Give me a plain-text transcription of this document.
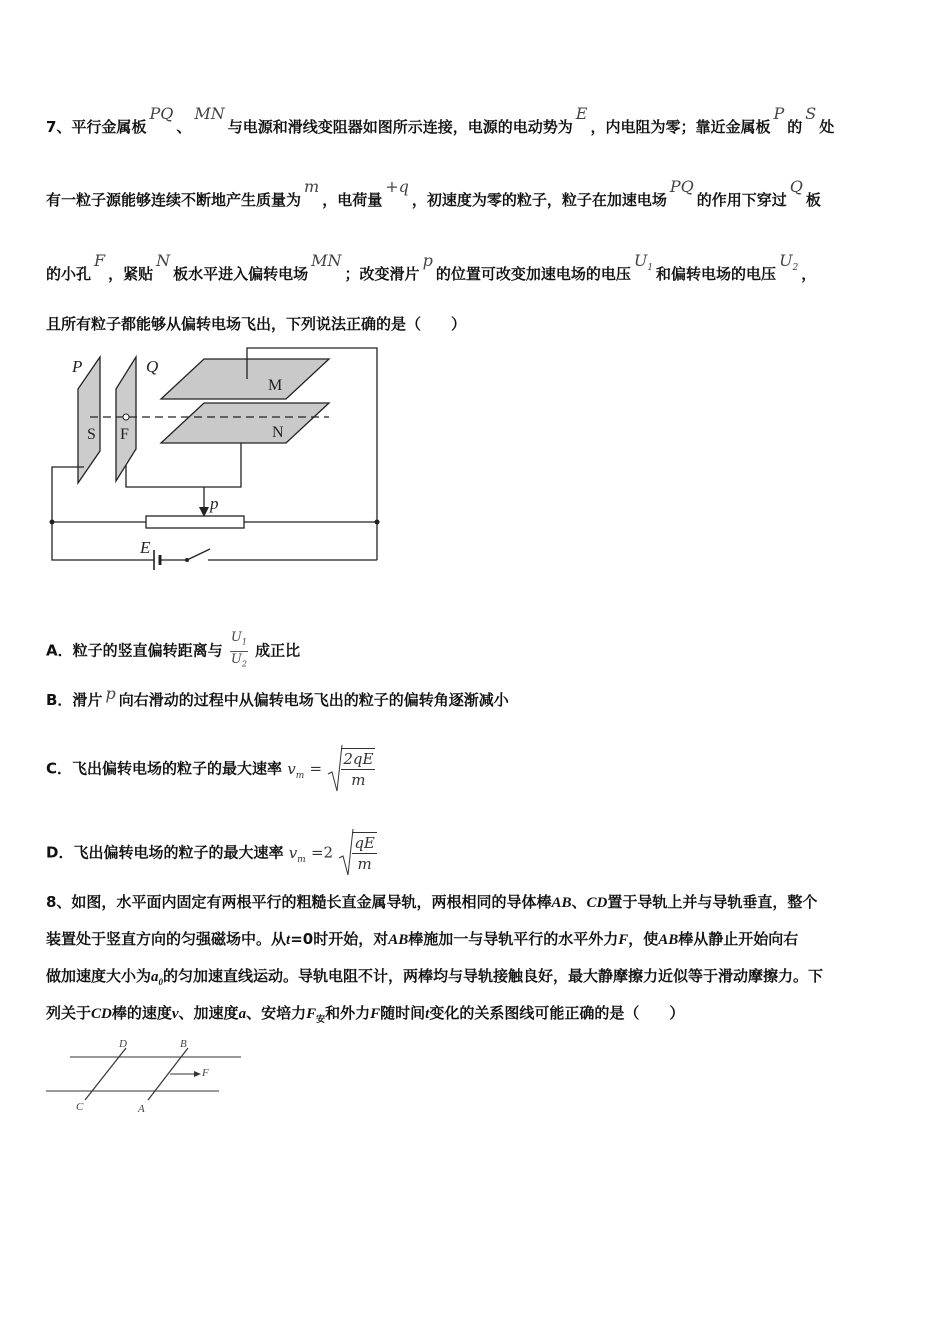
7、平行金属板PQ、MN与电源和滑线变阻器如图所示连接，电源的电动势为E，内电阻为零；靠近金属板P的S处
有一粒子源能够连续不断地产生质量为m，电荷量+q，初速度为零的粒子，粒子在加速电场PQ的作用下穿过Q板
的小孔F，紧贴N板水平进入偏转电场MN；改变滑片p的位置可改变加速电场的电压$U_1$ 和偏转电场的电压$U_2$ ，
且所有粒子都能够从偏转电场飞出，下列说法正确的是（　　）
P	Q
M
N
S F
p
E
A．粒子的竖直偏转距离与 $\frac{U_1}{U_2}$ 成正比
B．滑片 p 向右滑动的过程中从偏转电场飞出的粒子的偏转角逐渐减小
C．飞出偏转电场的粒子的最大速率 $v_m = \frac{2qE}{m}$
D．飞出偏转电场的粒子的最大速率 $v_m =2 \frac{qE}{m}$
8、如图，水平面内固定有两根平行的粗糙长直金属导轨，两根相同的导体棒AB、CD置于导轨上并与导轨垂直，整个
装置处于竖直方向的匀强磁场中。从t=0时开始，对AB棒施加一与导轨平行的水平外力F，使AB棒从静止开始向右
做加速度大小为$a_0$的匀加速直线运动。导轨电阻不计，两棒均与导轨接触良好，最大静摩擦力近似等于滑动摩擦力。下
列关于CD棒的速度v、加速度a、安培力$F_安$和外力F随时间t变化的关系图线可能正确的是（　　）
D	B
F
C	A
